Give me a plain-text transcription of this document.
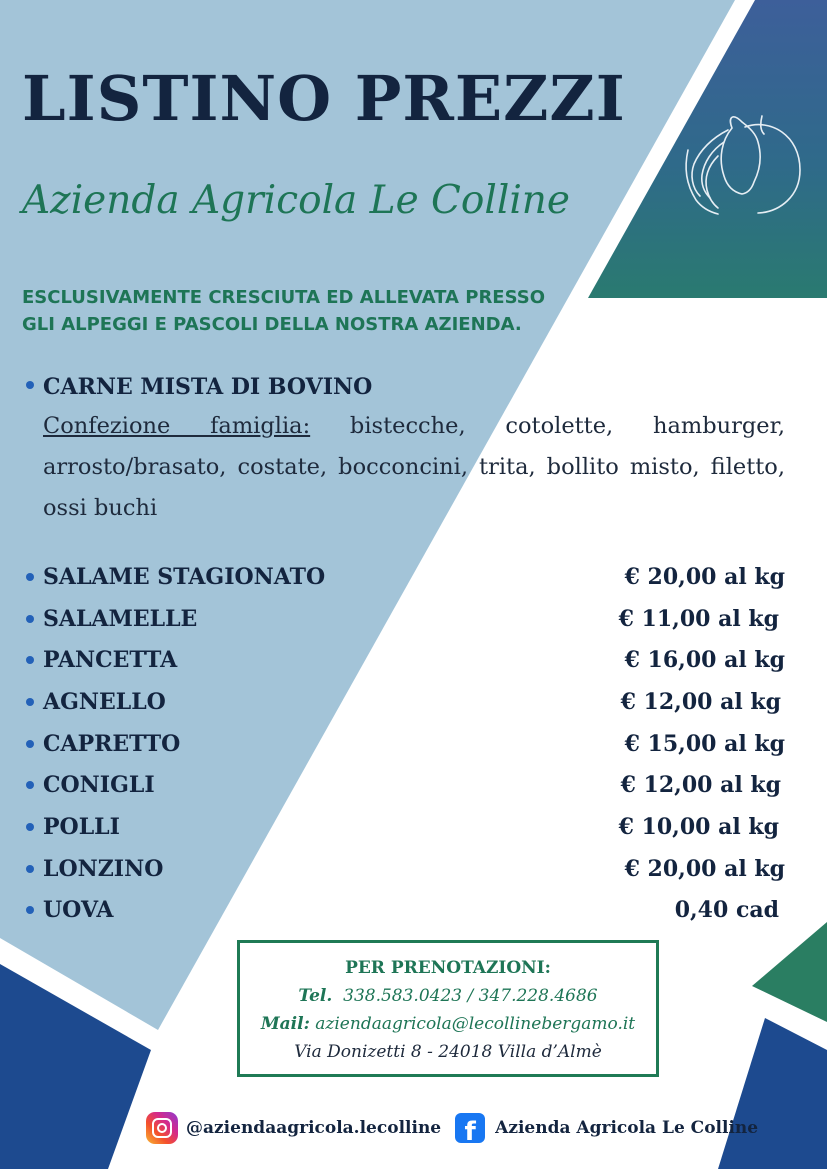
LISTINO PREZZI
Azienda Agricola Le Colline
ESCLUSIVAMENTE CRESCIUTA ED ALLEVATA PRESSO
GLI ALPEGGI E PASCOLI DELLA NOSTRA AZIENDA.
CARNE MISTA DI BOVINO
Confezione famiglia: bistecche, cotolette, hamburger, arrosto/brasato, costate, bocconcini, trita, bollito misto, filetto, ossi buchi
SALAME STAGIONATO	€ 20,00 al kg
SALAMELLE	€ 11,00 al kg
PANCETTA	€ 16,00 al kg
AGNELLO	€ 12,00 al kg
CAPRETTO	€ 15,00 al kg
CONIGLI	€ 12,00 al kg
POLLI	€ 10,00 al kg
LONZINO	€ 20,00 al kg
UOVA	0,40 cad
PER PRENOTAZIONI:
Tel. 338.583.0423 / 347.228.4686
Mail: aziendaagricola@lecollinebergamo.it
Via Donizetti 8 - 24018 Villa d’Almè
@aziendaagricola.lecolline f Azienda Agricola Le Colline
